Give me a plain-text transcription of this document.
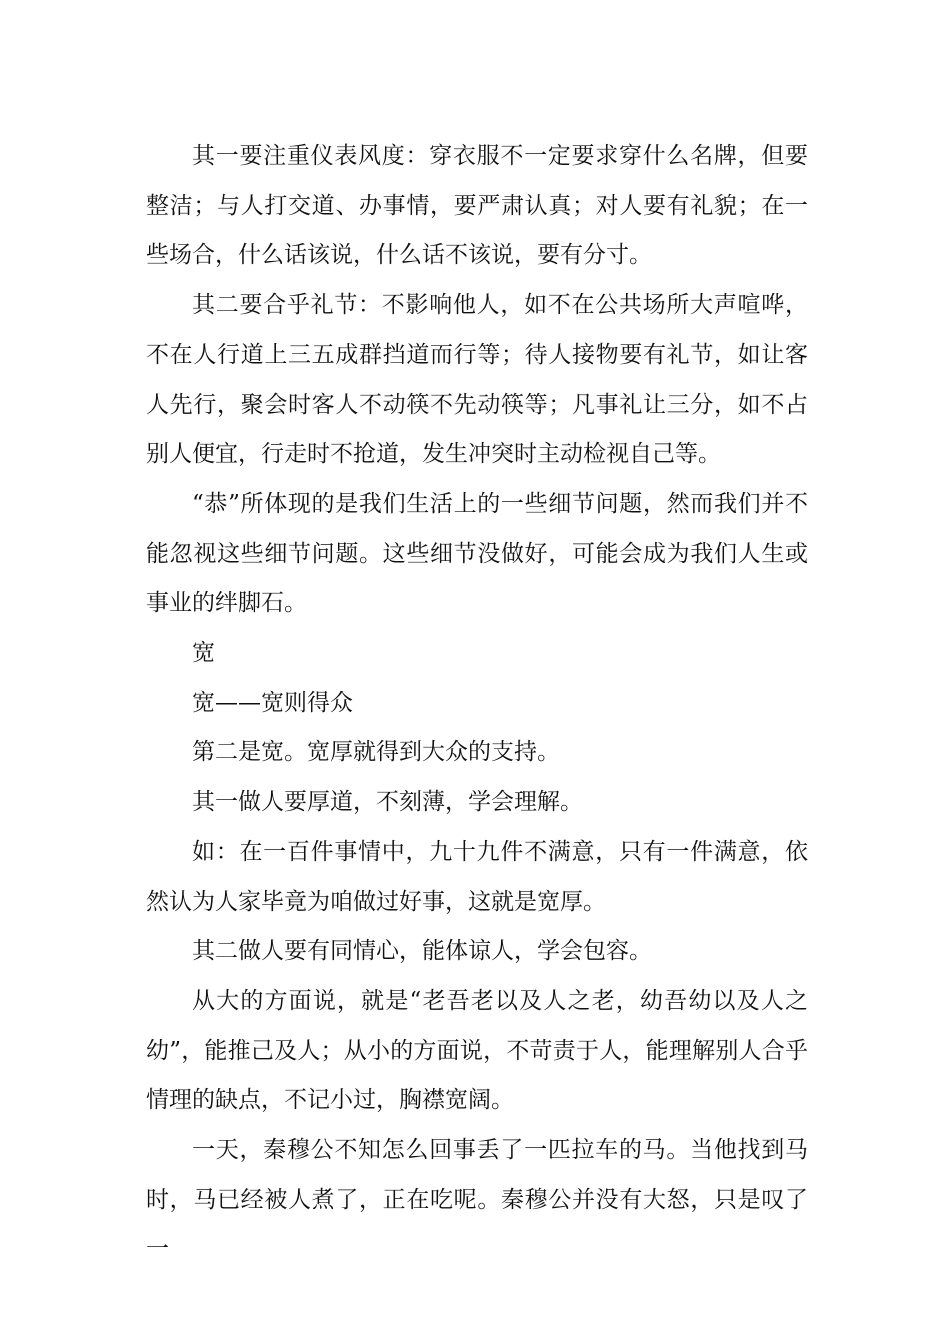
其一要注重仪表风度：穿衣服不一定要求穿什么名牌，但要整洁；与人打交道、办事情，要严肃认真；对人要有礼貌；在一些场合，什么话该说，什么话不该说，要有分寸。

其二要合乎礼节：不影响他人，如不在公共场所大声喧哗，不在人行道上三五成群挡道而行等；待人接物要有礼节，如让客人先行，聚会时客人不动筷不先动筷等；凡事礼让三分，如不占别人便宜，行走时不抢道，发生冲突时主动检视自己等。

“恭”所体现的是我们生活上的一些细节问题，然而我们并不能忽视这些细节问题。这些细节没做好，可能会成为我们人生或事业的绊脚石。

宽

宽——宽则得众

第二是宽。宽厚就得到大众的支持。

其一做人要厚道，不刻薄，学会理解。

如：在一百件事情中，九十九件不满意，只有一件满意，依然认为人家毕竟为咱做过好事，这就是宽厚。

其二做人要有同情心，能体谅人，学会包容。

从大的方面说，就是“老吾老以及人之老，幼吾幼以及人之幼”，能推己及人；从小的方面说，不苛责于人，能理解别人合乎情理的缺点，不记小过，胸襟宽阔。

一天，秦穆公不知怎么回事丢了一匹拉车的马。当他找到马时，马已经被人煮了，正在吃呢。秦穆公并没有大怒，只是叹了一
